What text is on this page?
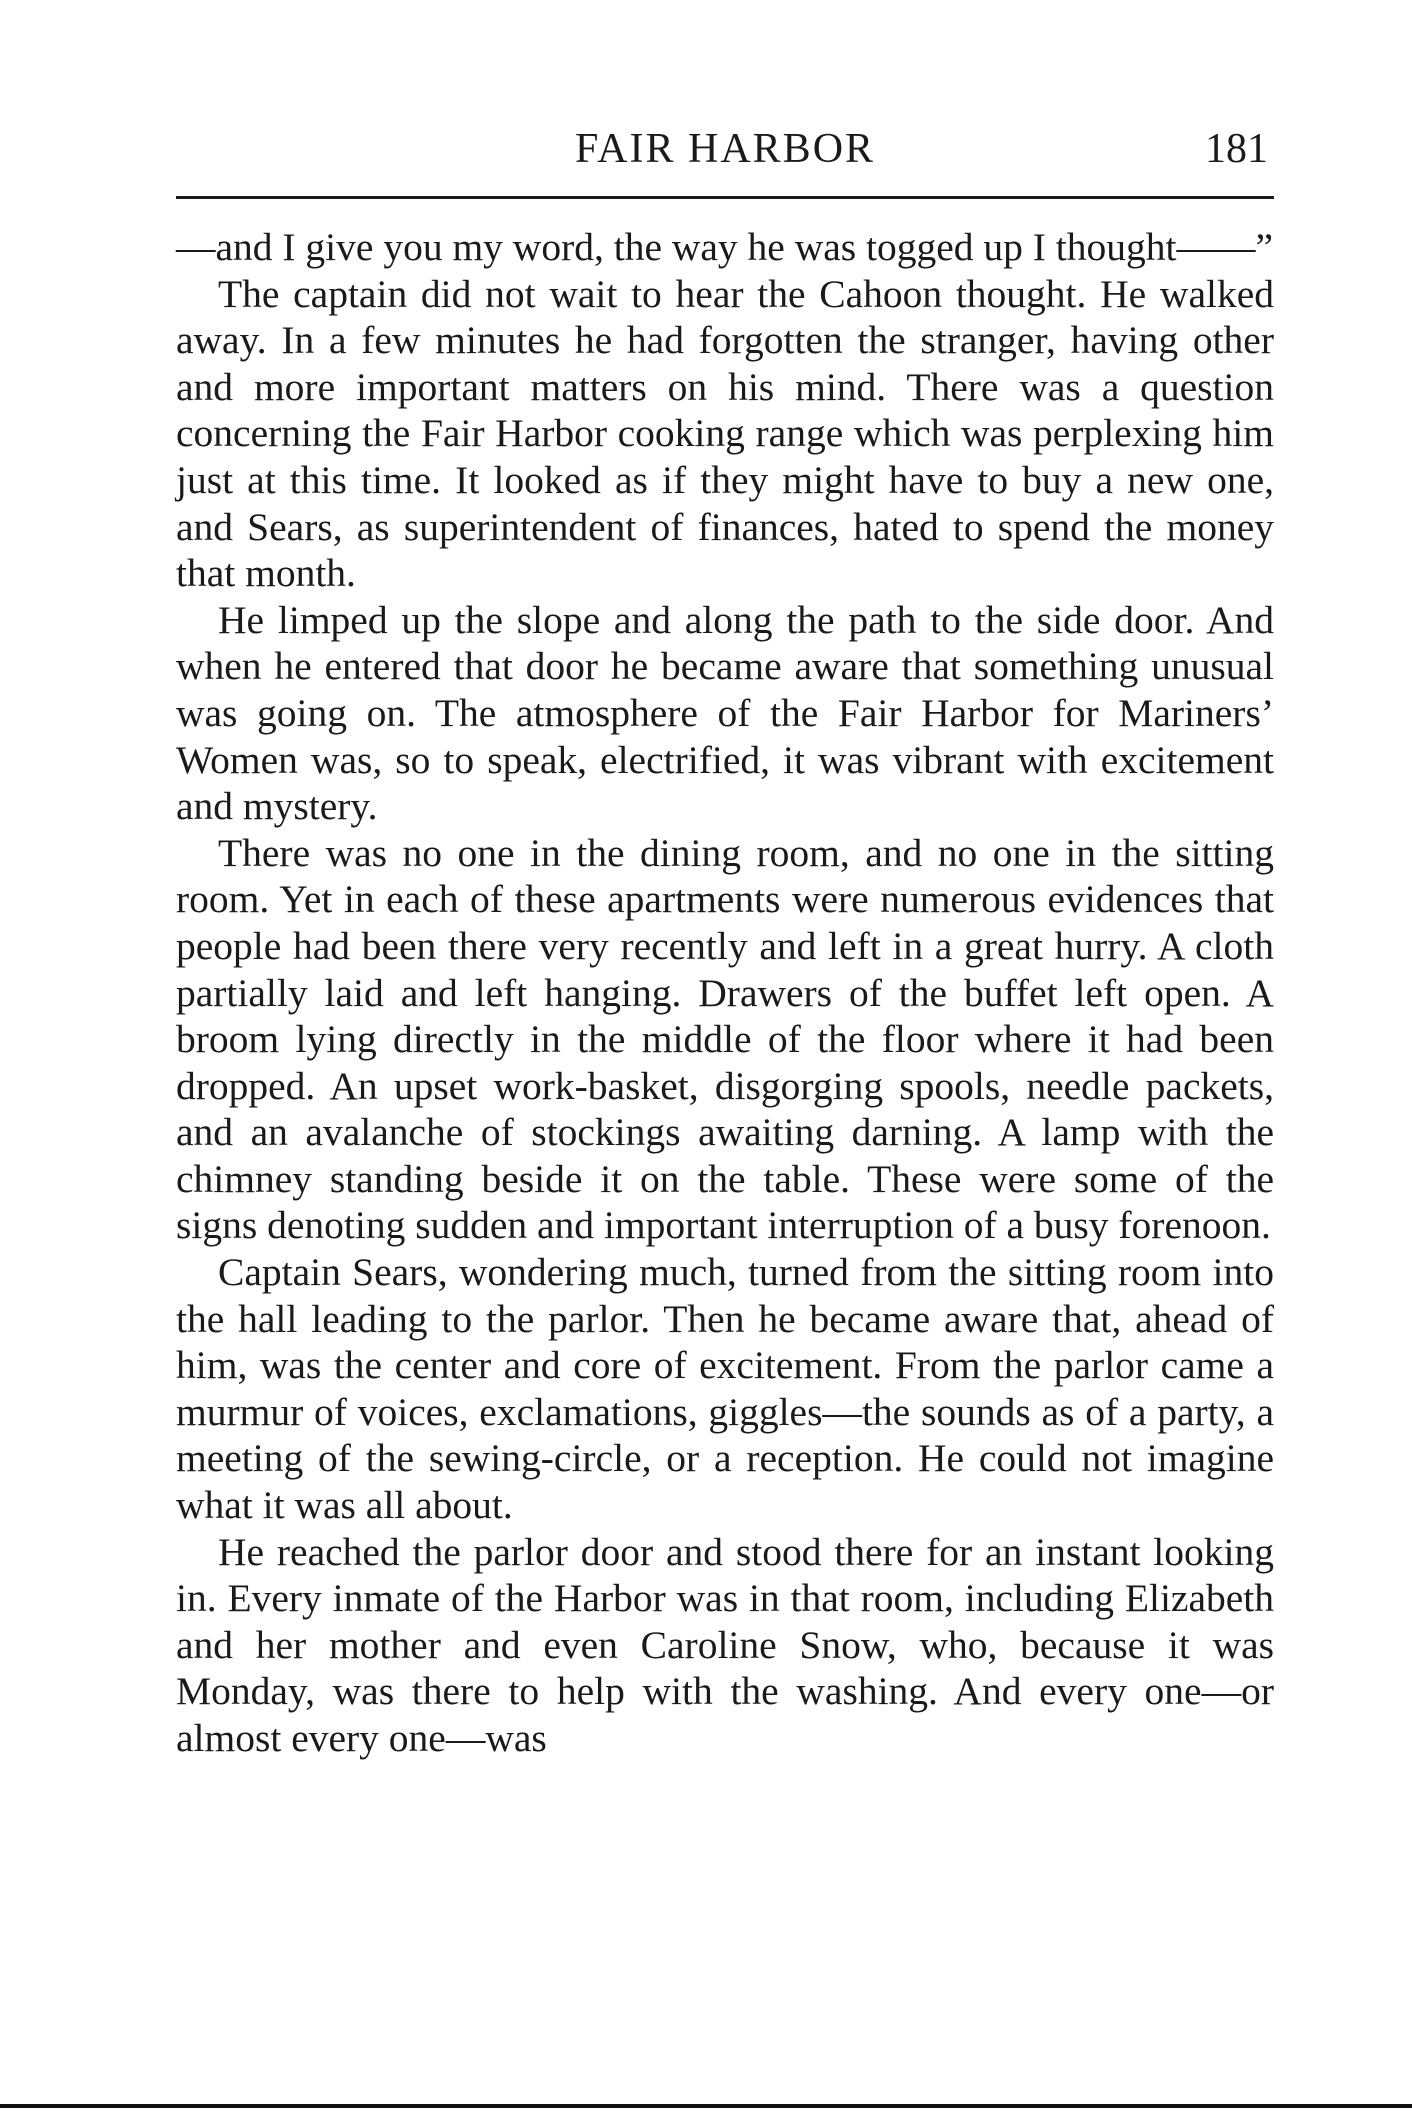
FAIR HARBOR	181

—and I give you my word, the way he was togged up I thought——”

The captain did not wait to hear the Cahoon thought. He walked away. In a few minutes he had forgotten the stranger, having other and more important matters on his mind. There was a question concerning the Fair Harbor cooking range which was perplexing him just at this time. It looked as if they might have to buy a new one, and Sears, as superintendent of finances, hated to spend the money that month.

He limped up the slope and along the path to the side door. And when he entered that door he became aware that something unusual was going on. The atmosphere of the Fair Harbor for Mariners’ Women was, so to speak, electrified, it was vibrant with excitement and mystery.

There was no one in the dining room, and no one in the sitting room. Yet in each of these apartments were numerous evidences that people had been there very recently and left in a great hurry. A cloth partially laid and left hanging. Drawers of the buffet left open. A broom lying directly in the middle of the floor where it had been dropped. An upset work-basket, disgorging spools, needle packets, and an avalanche of stockings awaiting darning. A lamp with the chimney standing beside it on the table. These were some of the signs denoting sudden and important interruption of a busy forenoon.

Captain Sears, wondering much, turned from the sitting room into the hall leading to the parlor. Then he became aware that, ahead of him, was the center and core of excitement. From the parlor came a murmur of voices, exclamations, giggles—the sounds as of a party, a meeting of the sewing-circle, or a reception. He could not imagine what it was all about.

He reached the parlor door and stood there for an instant looking in. Every inmate of the Harbor was in that room, including Elizabeth and her mother and even Caroline Snow, who, because it was Monday, was there to help with the washing. And every one—or almost every one—was
